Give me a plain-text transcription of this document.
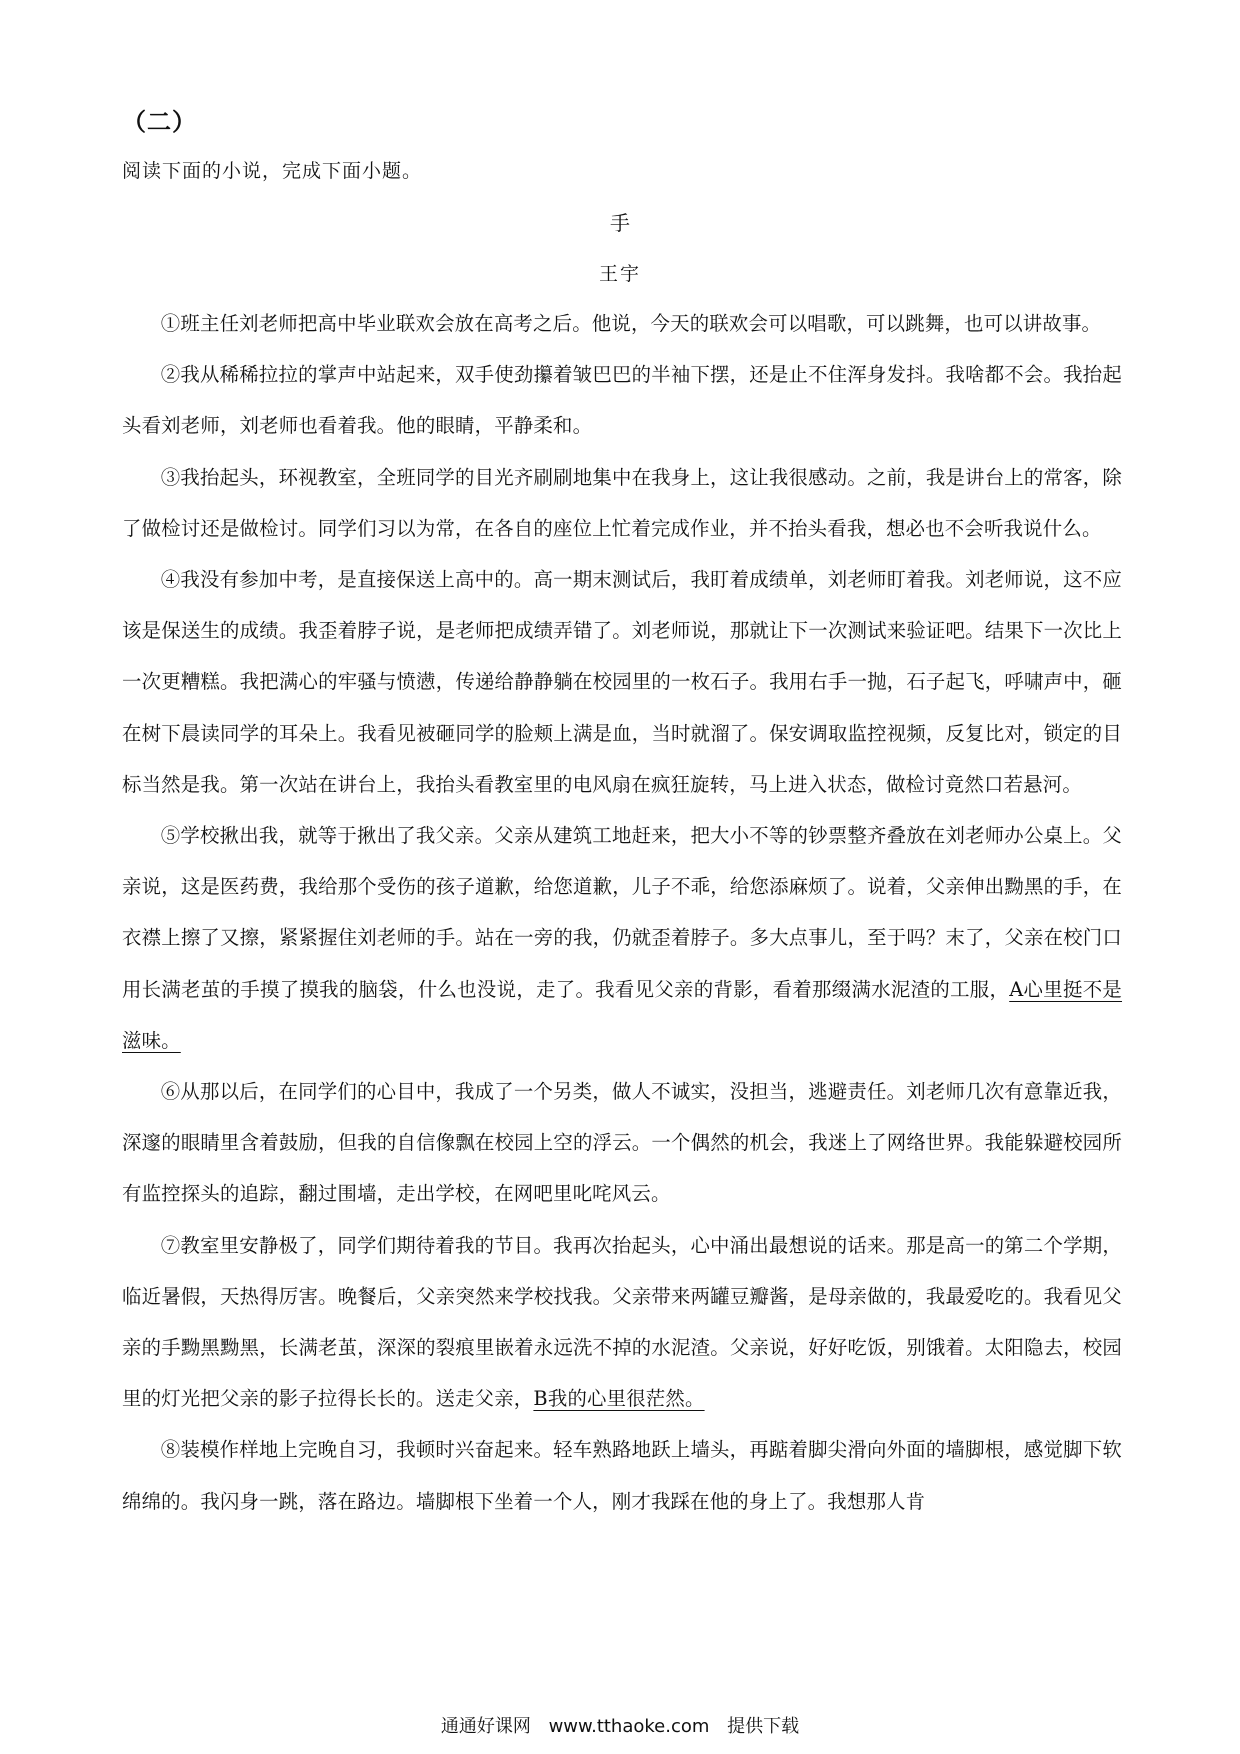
（二）
阅读下面的小说，完成下面小题。
手
王宇

①班主任刘老师把高中毕业联欢会放在高考之后。他说，今天的联欢会可以唱歌，可以跳舞，也可以讲故事。

②我从稀稀拉拉的掌声中站起来，双手使劲攥着皱巴巴的半袖下摆，还是止不住浑身发抖。我啥都不会。我抬起头看刘老师，刘老师也看着我。他的眼睛，平静柔和。

③我抬起头，环视教室，全班同学的目光齐刷刷地集中在我身上，这让我很感动。之前，我是讲台上的常客，除了做检讨还是做检讨。同学们习以为常，在各自的座位上忙着完成作业，并不抬头看我，想必也不会听我说什么。

④我没有参加中考，是直接保送上高中的。高一期末测试后，我盯着成绩单，刘老师盯着我。刘老师说，这不应该是保送生的成绩。我歪着脖子说，是老师把成绩弄错了。刘老师说，那就让下一次测试来验证吧。结果下一次比上一次更糟糕。我把满心的牢骚与愤懑，传递给静静躺在校园里的一枚石子。我用右手一抛，石子起飞，呼啸声中，砸在树下晨读同学的耳朵上。我看见被砸同学的脸颊上满是血，当时就溜了。保安调取监控视频，反复比对，锁定的目标当然是我。第一次站在讲台上，我抬头看教室里的电风扇在疯狂旋转，马上进入状态，做检讨竟然口若悬河。

⑤学校揪出我，就等于揪出了我父亲。父亲从建筑工地赶来，把大小不等的钞票整齐叠放在刘老师办公桌上。父亲说，这是医药费，我给那个受伤的孩子道歉，给您道歉，儿子不乖，给您添麻烦了。说着，父亲伸出黝黑的手，在衣襟上擦了又擦，紧紧握住刘老师的手。站在一旁的我，仍就歪着脖子。多大点事儿，至于吗？末了，父亲在校门口用长满老茧的手摸了摸我的脑袋，什么也没说，走了。我看见父亲的背影，看着那缀满水泥渣的工服，A心里挺不是滋味。

⑥从那以后，在同学们的心目中，我成了一个另类，做人不诚实，没担当，逃避责任。刘老师几次有意靠近我，深邃的眼睛里含着鼓励，但我的自信像飘在校园上空的浮云。一个偶然的机会，我迷上了网络世界。我能躲避校园所有监控探头的追踪，翻过围墙，走出学校，在网吧里叱咤风云。

⑦教室里安静极了，同学们期待着我的节目。我再次抬起头，心中涌出最想说的话来。那是高一的第二个学期，临近暑假，天热得厉害。晚餐后，父亲突然来学校找我。父亲带来两罐豆瓣酱，是母亲做的，我最爱吃的。我看见父亲的手黝黑黝黑，长满老茧，深深的裂痕里嵌着永远洗不掉的水泥渣。父亲说，好好吃饭，别饿着。太阳隐去，校园里的灯光把父亲的影子拉得长长的。送走父亲，B我的心里很茫然。

⑧装模作样地上完晚自习，我顿时兴奋起来。轻车熟路地跃上墙头，再踮着脚尖滑向外面的墙脚根，感觉脚下软绵绵的。我闪身一跳，落在路边。墙脚根下坐着一个人，刚才我踩在他的身上了。我想那人肯

通通好课网 www.tthaoke.com 提供下载
